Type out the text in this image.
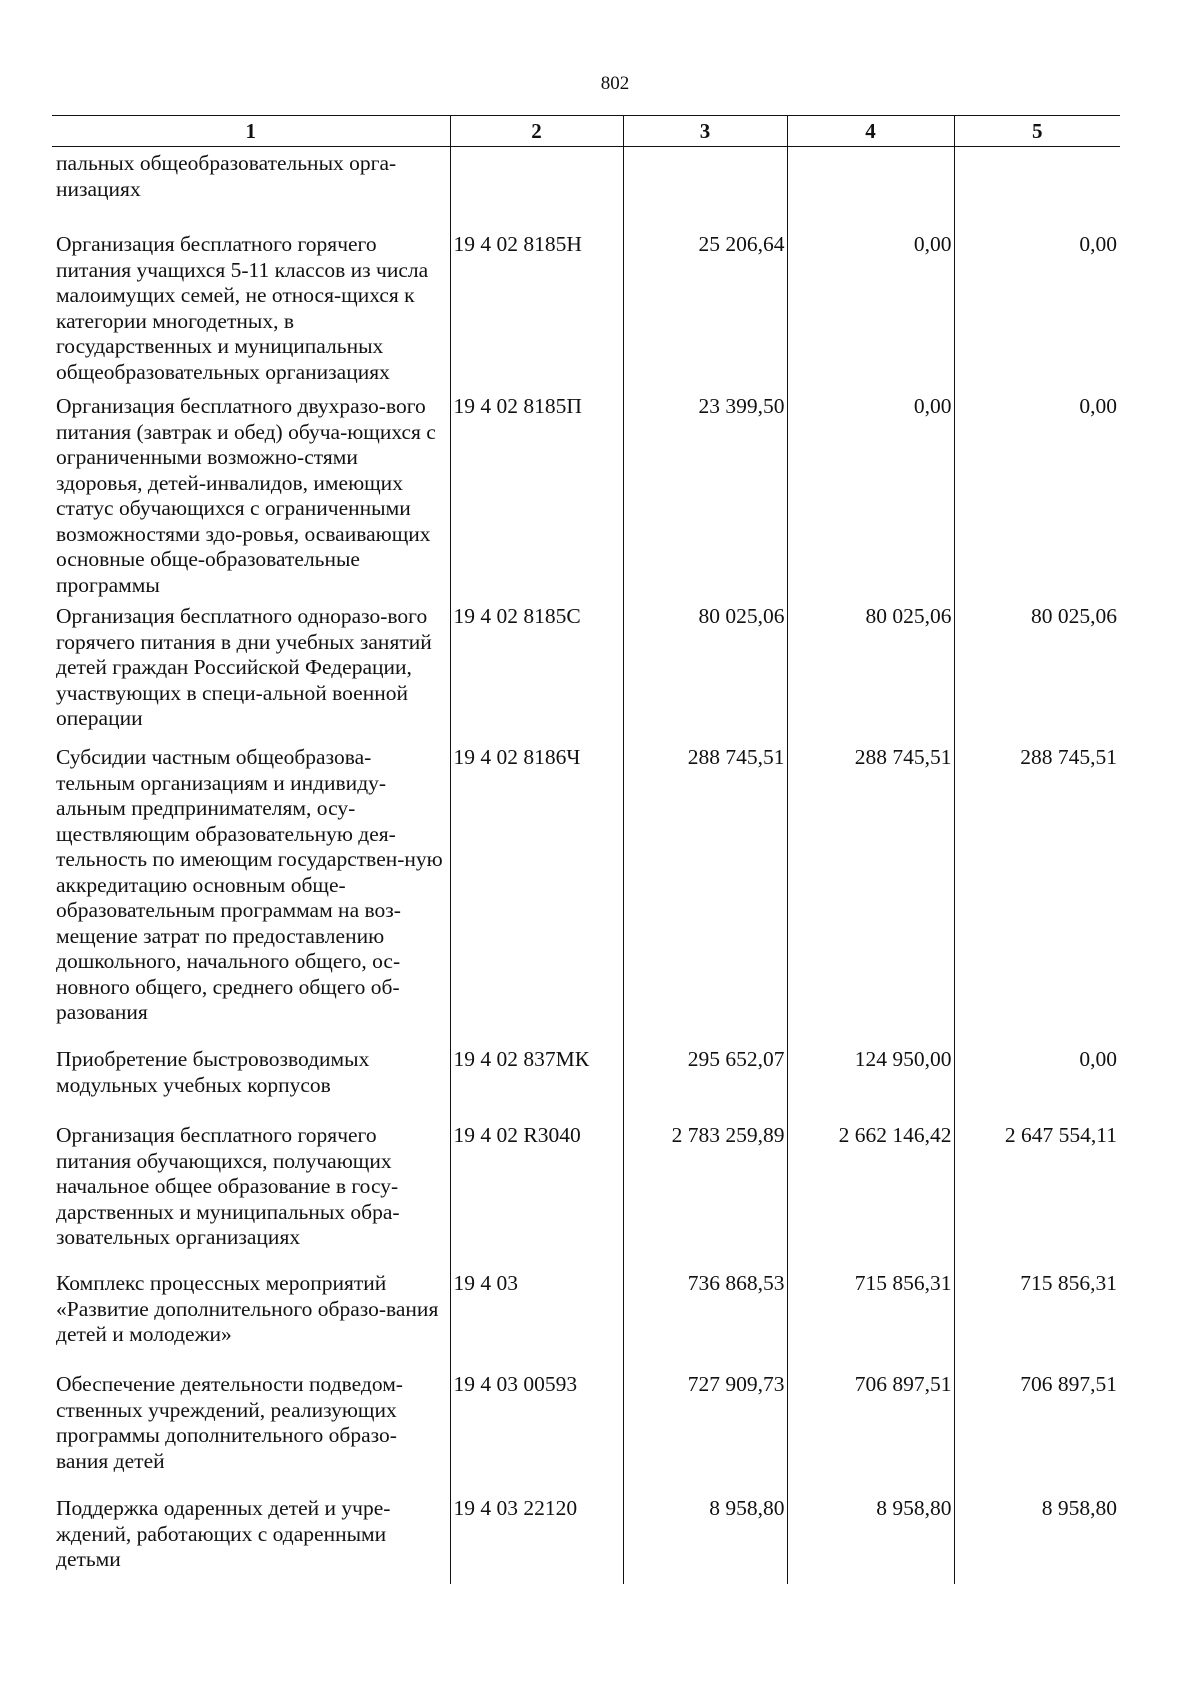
802
1	2	3	4	5
пальных общеобразовательных орга-низациях				
Организация бесплатного горячего питания учащихся 5-11 классов из числа малоимущих семей, не относя-щихся к категории многодетных, в государственных и муниципальных общеобразовательных организациях	19 4 02 8185Н	25 206,64	0,00	0,00
Организация бесплатного двухразо-вого питания (завтрак и обед) обуча-ющихся с ограниченными возможно-стями здоровья, детей-инвалидов, имеющих статус обучающихся с ограниченными возможностями здо-ровья, осваивающих основные обще-образовательные программы	19 4 02 8185П	23 399,50	0,00	0,00
Организация бесплатного одноразо-вого горячего питания в дни учебных занятий детей граждан Российской Федерации, участвующих в специ-альной военной операции	19 4 02 8185С	80 025,06	80 025,06	80 025,06
Субсидии частным общеобразова-тельным организациям и индивиду-альным предпринимателям, осу-ществляющим образовательную дея-тельность по имеющим государствен-ную аккредитацию основным обще-образовательным программам на воз-мещение затрат по предоставлению дошкольного, начального общего, ос-новного общего, среднего общего об-разования	19 4 02 8186Ч	288 745,51	288 745,51	288 745,51
Приобретение быстровозводимых модульных учебных корпусов	19 4 02 837МК	295 652,07	124 950,00	0,00
Организация бесплатного горячего питания обучающихся, получающих начальное общее образование в госу-дарственных и муниципальных обра-зовательных организациях	19 4 02 R3040	2 783 259,89	2 662 146,42	2 647 554,11
Комплекс процессных мероприятий «Развитие дополнительного образо-вания детей и молодежи»	19 4 03	736 868,53	715 856,31	715 856,31
Обеспечение деятельности подведом-ственных учреждений, реализующих программы дополнительного образо-вания детей	19 4 03 00593	727 909,73	706 897,51	706 897,51
Поддержка одаренных детей и учре-ждений, работающих с одаренными детьми	19 4 03 22120	8 958,80	8 958,80	8 958,80
